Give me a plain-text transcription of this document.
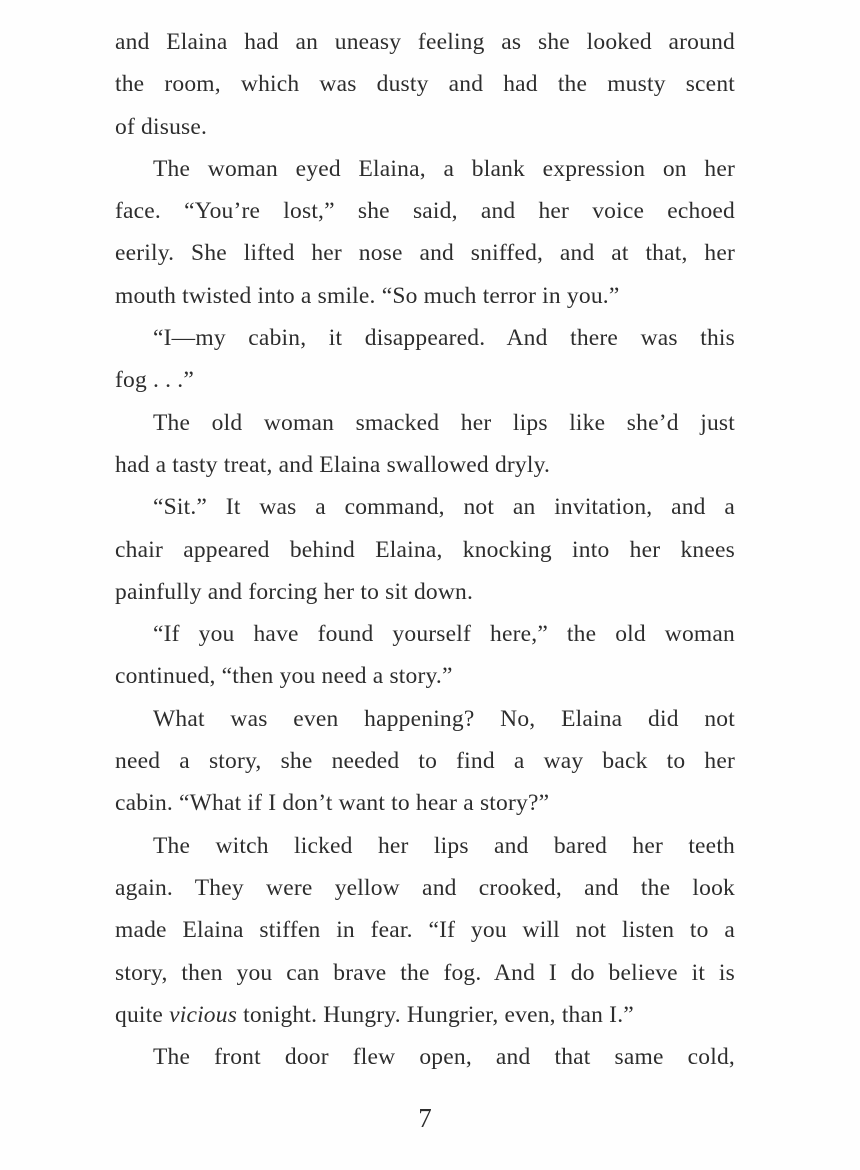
and Elaina had an uneasy feeling as she looked around
the room, which was dusty and had the musty scent
of disuse.
The woman eyed Elaina, a blank expression on her
face. “You’re lost,” she said, and her voice echoed
eerily. She lifted her nose and sniffed, and at that, her
mouth twisted into a smile. “So much terror in you.”
“I—my cabin, it disappeared. And there was this
fog . . .”
The old woman smacked her lips like she’d just
had a tasty treat, and Elaina swallowed dryly.
“Sit.” It was a command, not an invitation, and a
chair appeared behind Elaina, knocking into her knees
painfully and forcing her to sit down.
“If you have found yourself here,” the old woman
continued, “then you need a story.”
What was even happening? No, Elaina did not
need a story, she needed to find a way back to her
cabin. “What if I don’t want to hear a story?”
The witch licked her lips and bared her teeth
again. They were yellow and crooked, and the look
made Elaina stiffen in fear. “If you will not listen to a
story, then you can brave the fog. And I do believe it is
quite vicious tonight. Hungry. Hungrier, even, than I.”
The front door flew open, and that same cold,
7
